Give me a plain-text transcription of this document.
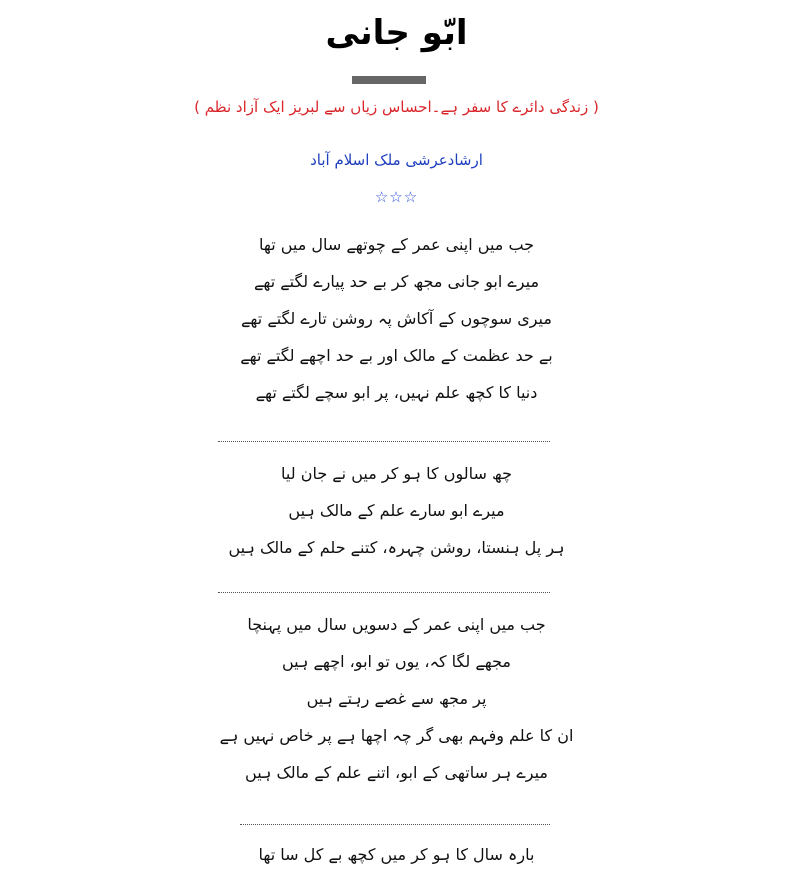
ابّو جانی
( زندگی دائرے کا سفر ہے۔احساس زیاں سے لبریز ایک آزاد نظم )
ارشادعرشی ملک اسلام آباد
☆☆☆
جب میں اپنی عمر کے چوتھے سال میں تھا
میرے ابو جانی مجھ کر بے حد پیارے لگتے تھے
میری سوچوں کے آکاش پہ روشن تارے لگتے تھے
بے حد عظمت کے مالک اور بے حد اچھے لگتے تھے
دنیا کا کچھ علم نہیں، پر ابو سچے لگتے تھے
چھ سالوں کا ہو کر میں نے جان لیا
میرے ابو سارے علم کے مالک ہیں
ہر پل ہنستا، روشن چہرہ، کتنے حلم کے مالک ہیں
جب میں اپنی عمر کے دسویں سال میں پہنچا
مجھے لگا کہ، یوں تو ابو، اچھے ہیں
پر مجھ سے غصے رہتے ہیں
ان کا علم وفہم بھی گر چہ اچھا ہے پر خاص نہیں ہے
میرے ہر ساتھی کے ابو، اتنے علم کے مالک ہیں
بارہ سال کا ہو کر میں کچھ بے کل سا تھا
